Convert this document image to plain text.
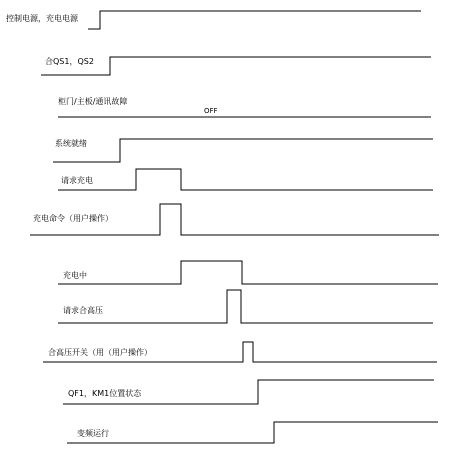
控制电源，充电电源
合QS1，QS2
柜门/主板/通讯故障
OFF
系统就绪
请求充电
充电命令（用户操作）
充电中
请求合高压
合高压开关（用（用户操作）
QF1，KM1位置状态
变频运行
